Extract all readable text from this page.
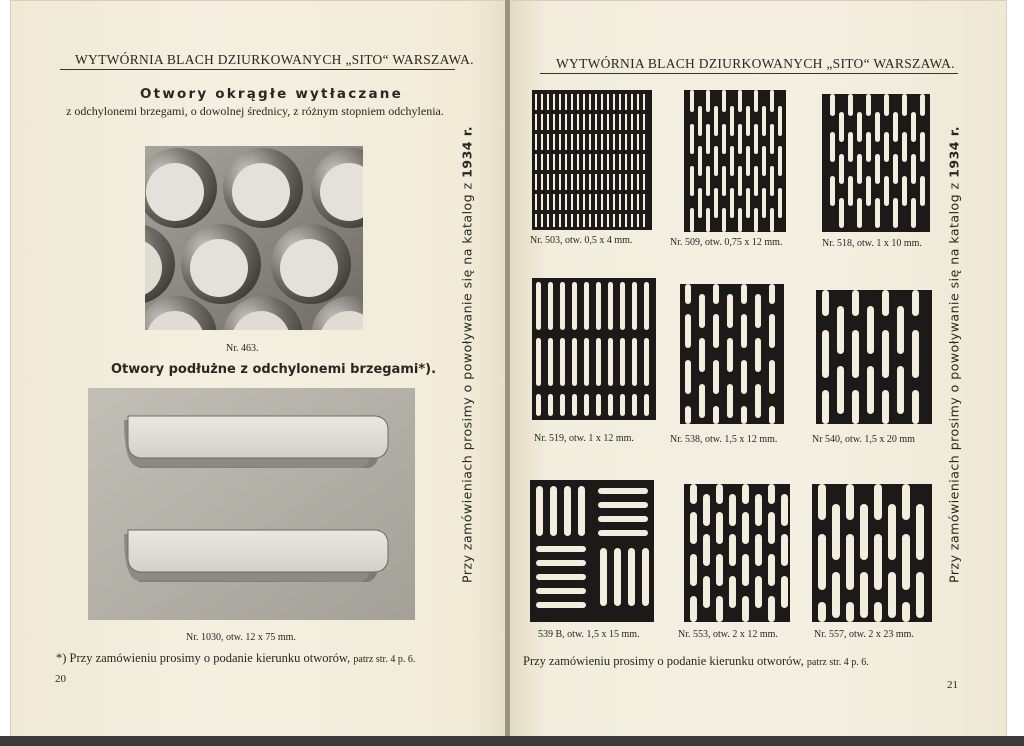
WYTWÓRNIA BLACH DZIURKOWANYCH „SITO“ WARSZAWA.
Otwory okrągłe wytłaczane
z odchylonemi brzegami, o dowolnej średnicy, z różnym stopniem odchylenia.
Nr. 463.
Otwory podłużne z odchylonemi brzegami*).
Nr. 1030, otw. 12 x 75 mm.
*) Przy zamówieniu prosimy o podanie kierunku otworów, patrz str. 4 p. 6.
20
Przy zamówieniach prosimy o powoływanie się na katalog z 1934 r.
WYTWÓRNIA BLACH DZIURKOWANYCH „SITO“ WARSZAWA.
Nr. 503, otw. 0,5 x 4 mm.	Nr. 509, otw. 0,75 x 12 mm.	Nr. 518, otw. 1 x 10 mm.
Nr. 519, otw. 1 x 12 mm.	Nr. 538, otw. 1,5 x 12 mm.	Nr 540, otw. 1,5 x 20 mm
539 B, otw. 1,5 x 15 mm.	Nr. 553, otw. 2 x 12 mm.	Nr. 557, otw. 2 x 23 mm.
Przy zamówieniu prosimy o podanie kierunku otworów, patrz str. 4 p. 6.
21
Przy zamówieniach prosimy o powoływanie się na katalog z 1934 r.
